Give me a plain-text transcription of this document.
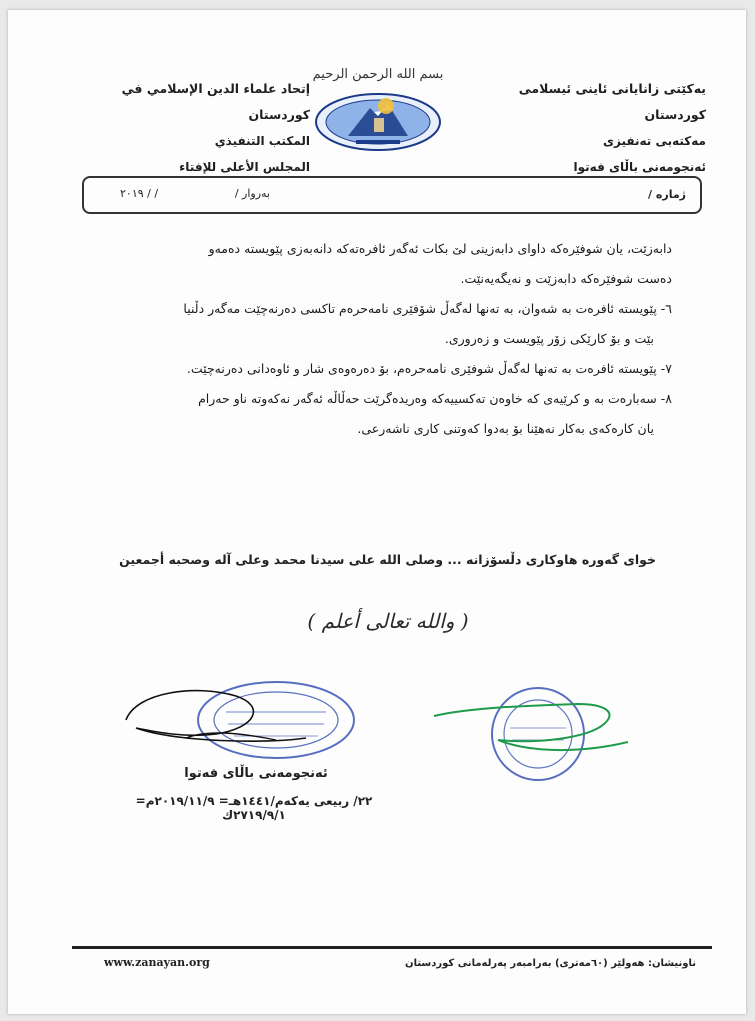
یەكێتی زانایانی ئاینی ئیسلامی كوردستان
مەكتەبی تەنفیزی
ئەنجومەنی باڵای فەتوا
بسم الله الرحمن الرحيم
إتحاد علماء الدين الإسلامي في كوردستان
المكتب التنفيذي
المجلس الأعلى للإفتاء
ژمارە /
بەروار /
٢٠١٩ / /

دابەزێت، یان شوفێرەكە داوای دابەزینی لێ بكات ئەگەر ئافرەتەكە دانەبەزی پێویستە دەمەو

دەست شوفێرەكە دابەزێت و نەیگەیەنێت.

٦- پێویستە ئافرەت بە شەوان، بە تەنها لەگەڵ شۆفێری نامەحرەم تاكسی دەرنەچێت مەگەر دڵنیا

بێت و بۆ كارێكی زۆر پێویست و زەروری.

٧- پێویستە ئافرەت بە تەنها لەگەڵ شوفێری نامەحرەم، بۆ دەرەوەی شار و ئاوەدانی دەرنەچێت.

٨- سەبارەت بە و كرێیەی كە خاوەن تەكسییەكە وەریدەگرێت حەڵاڵە ئەگەر نەكەوتە ناو حەرام

یان كارەكەی بەكار نەهێنا بۆ بەدوا كەوتنی كاری ناشەرعی.

خوای گەورە هاوكاری دڵسۆزانە ... وصلى الله على سيدنا محمد وعلى آله وصحبه أجمعين
( والله تعالى أعلم )
ئەنجومەنی باڵای فەتوا
٢٢/ ربیعی یەكەم/١٤٤١هـ= ٢٠١٩/١١/٩م= ٢٧١٩/٩/١ك
www.zanayan.org	ناونیشان: هەولێر (٦٠مەتری) بەرامبەر پەرلەمانی كوردستان
